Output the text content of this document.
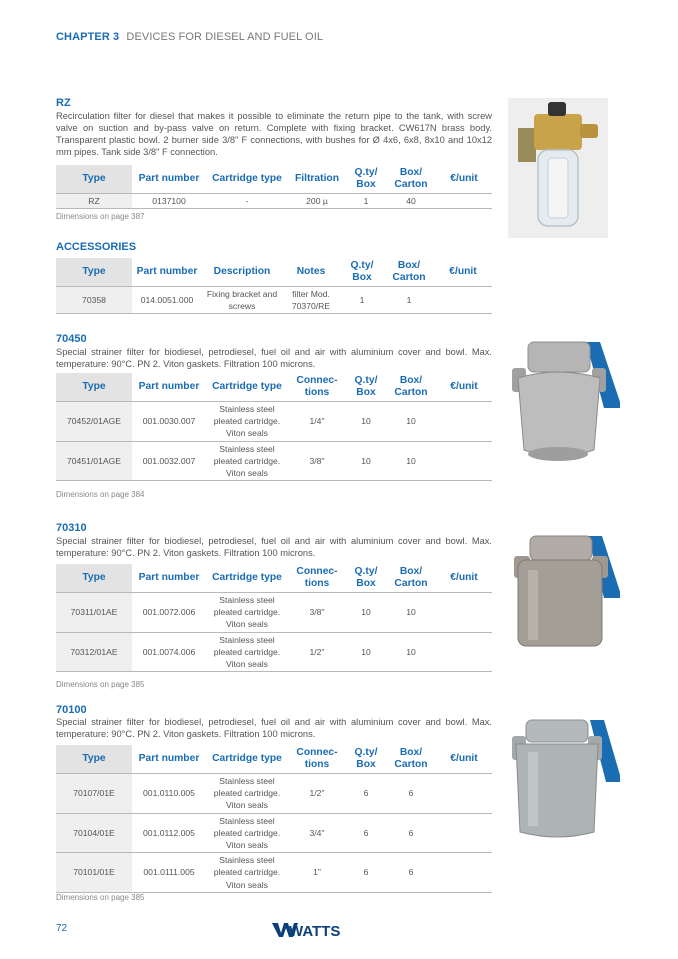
CHAPTER 3 DEVICES FOR DIESEL AND FUEL OIL
RZ
Recirculation filter for diesel that makes it possible to eliminate the return pipe to the tank, with screw valve on suction and by-pass valve on return. Complete with fixing bracket. CW617N brass body. Transparent plastic bowl. 2 burner side 3/8" F connections, with bushes for Ø 4x6, 6x8, 8x10 and 10x12 mm pipes. Tank side 3/8" F connection.
Type	Part number	Cartridge type	Filtration	Q.ty/ Box	Box/ Carton	€/unit
RZ	0137100	-	200 µ	1	40	
Dimensions on page 387
ACCESSORIES
Type	Part number	Description	Notes	Q.ty/ Box	Box/ Carton	€/unit
70358	014.0051.000	Fixing bracket and screws	filter Mod. 70370/RE	1	1	
70450
Special strainer filter for biodiesel, petrodiesel, fuel oil and air with aluminium cover and bowl. Max. temperature: 90°C. PN 2. Viton gaskets. Filtration 100 microns.
Type	Part number	Cartridge type	Connec- tions	Q.ty/ Box	Box/ Carton	€/unit
70452/01AGE	001.0030.007	Stainless steel pleated cartridge. Viton seals	1/4"	10	10	
70451/01AGE	001.0032.007	Stainless steel pleated cartridge. Viton seals	3/8"	10	10	
Dimensions on page 384
70310
Special strainer filter for biodiesel, petrodiesel, fuel oil and air with aluminium cover and bowl. Max. temperature: 90°C. PN 2. Viton gaskets. Filtration 100 microns.
Type	Part number	Cartridge type	Connec- tions	Q.ty/ Box	Box/ Carton	€/unit
70311/01AE	001.0072.006	Stainless steel pleated cartridge. Viton seals	3/8"	10	10	
70312/01AE	001.0074.006	Stainless steel pleated cartridge. Viton seals	1/2"	10	10	
Dimensions on page 385
70100
Special strainer filter for biodiesel, petrodiesel, fuel oil and air with aluminium cover and bowl. Max. temperature: 90°C. PN 2. Viton gaskets. Filtration 100 microns.
Type	Part number	Cartridge type	Connec- tions	Q.ty/ Box	Box/ Carton	€/unit
70107/01E	001.0110.005	Stainless steel pleated cartridge. Viton seals	1/2"	6	6	
70104/01E	001.0112.005	Stainless steel pleated cartridge. Viton seals	3/4"	6	6	
70101/01E	001.0111.005	Stainless steel pleated cartridge. Viton seals	1"	6	6	
Dimensions on page 385
72	WATTS
